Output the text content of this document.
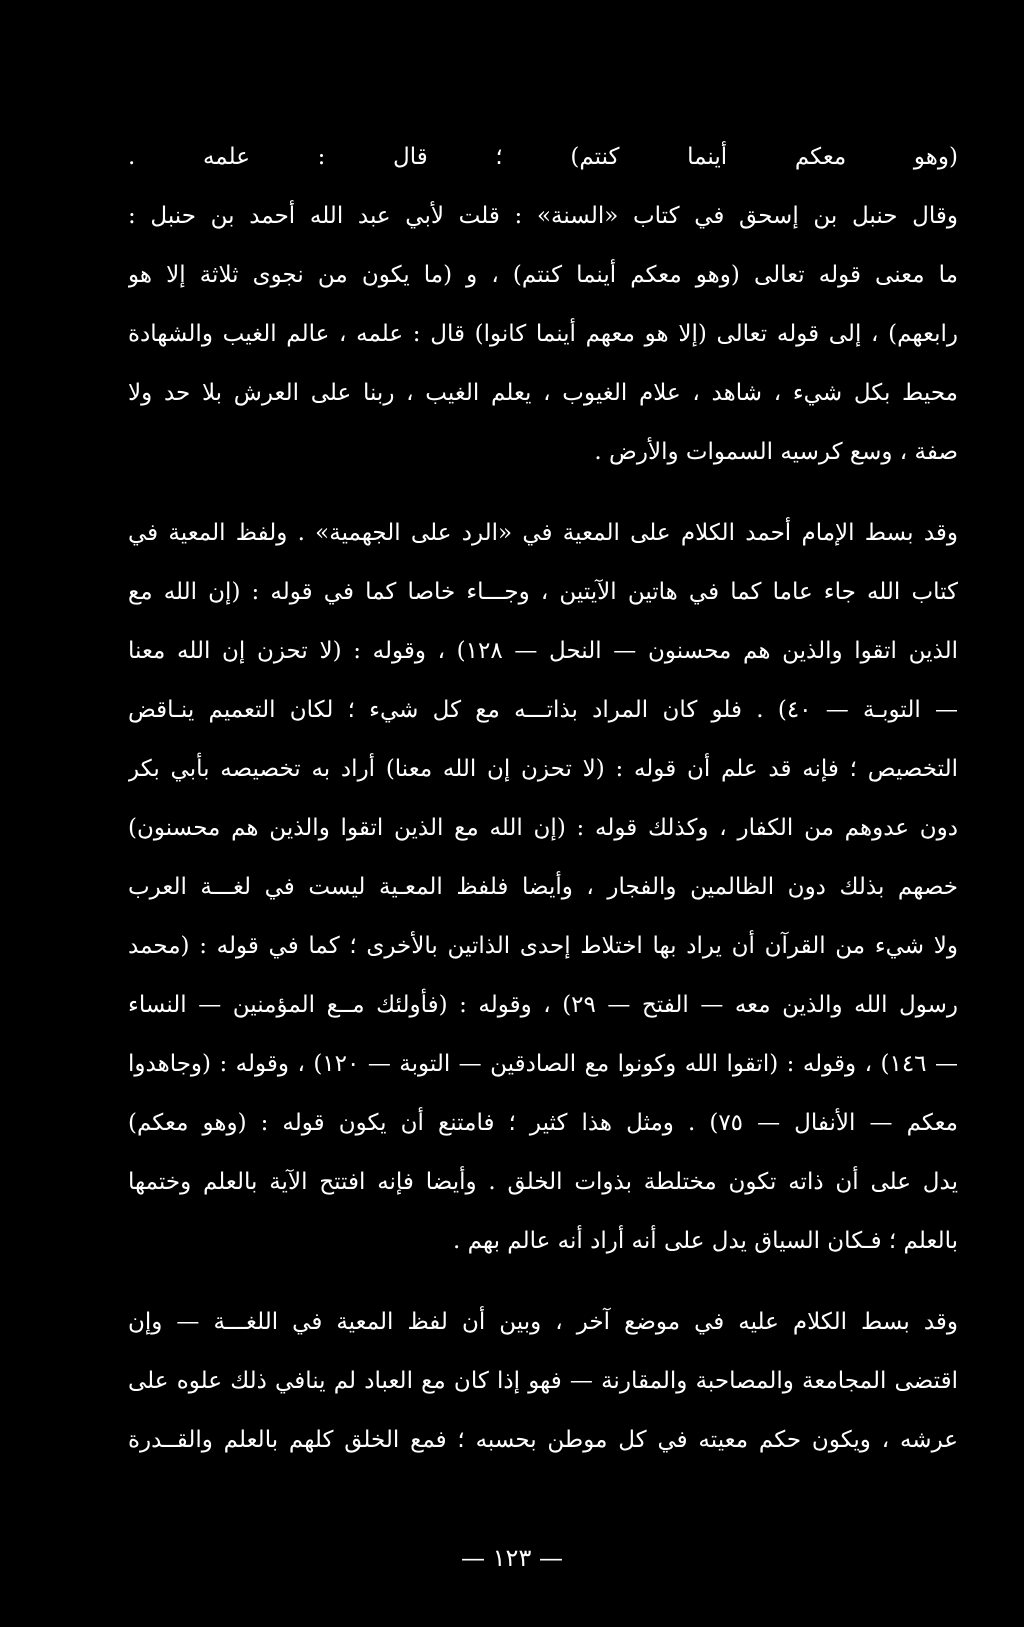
(وهو معكم أينما كنتم) ؛ قال : علمه .
وقال حنبل بن إسحق في كتاب «السنة» : قلت لأبي عبد الله أحمد بن حنبل :
ما معنى قوله تعالى (وهو معكم أينما كنتم) ، و (ما يكون من نجوى ثلاثة إلا هو
رابعهم) ، إلى قوله تعالى (إلا هو معهم أينما كانوا) قال : علمه ، عالم الغيب والشهادة
محيط بكل شيء ، شاهد ، علام الغيوب ، يعلم الغيب ، ربنا على العرش بلا حد ولا
صفة ، وسع كرسيه السموات والأرض .
وقد بسط الإمام أحمد الكلام على المعية في «الرد على الجهمية» . ولفظ المعية في
كتاب الله جاء عاما كما في هاتين الآيتين ، وجـــاء خاصا كما في قوله : (إن الله مع
الذين اتقوا والذين هم محسنون — النحل — ١٢٨) ، وقوله : (لا تحزن إن الله معنا
— التوبـة — ٤٠) . فلو كان المراد بذاتـــه مع كل شيء ؛ لكان التعميم ينـاقض
التخصيص ؛ فإنه قد علم أن قوله : (لا تحزن إن الله معنا) أراد به تخصيصه بأبي بكر
دون عدوهم من الكفار ، وكذلك قوله : (إن الله مع الذين اتقوا والذين هم محسنون)
خصهم بذلك دون الظالمين والفجار ، وأيضا فلفظ المعـية ليست في لغـــة العرب
ولا شيء من القرآن أن يراد بها اختلاط إحدى الذاتين بالأخرى ؛ كما في قوله : (محمد
رسول الله والذين معه — الفتح — ٢٩) ، وقوله : (فأولئك مــع المؤمنين — النساء
— ١٤٦) ، وقوله : (اتقوا الله وكونوا مع الصادقين — التوبة — ١٢٠) ، وقوله : (وجاهدوا
معكم — الأنفال — ٧٥) . ومثل هذا كثير ؛ فامتنع أن يكون قوله : (وهو معكم)
يدل على أن ذاته تكون مختلطة بذوات الخلق . وأيضا فإنه افتتح الآية بالعلم وختمها
بالعلم ؛ فـكان السياق يدل على أنه أراد أنه عالم بهم .
وقد بسط الكلام عليه في موضع آخر ، وبين أن لفظ المعية في اللغـــة — وإن
اقتضى المجامعة والمصاحبة والمقارنة — فهو إذا كان مع العباد لم ينافي ذلك علوه على
عرشه ، ويكون حكم معيته في كل موطن بحسبه ؛ فمع الخلق كلهم بالعلم والقــدرة
— ١٢٣ —
